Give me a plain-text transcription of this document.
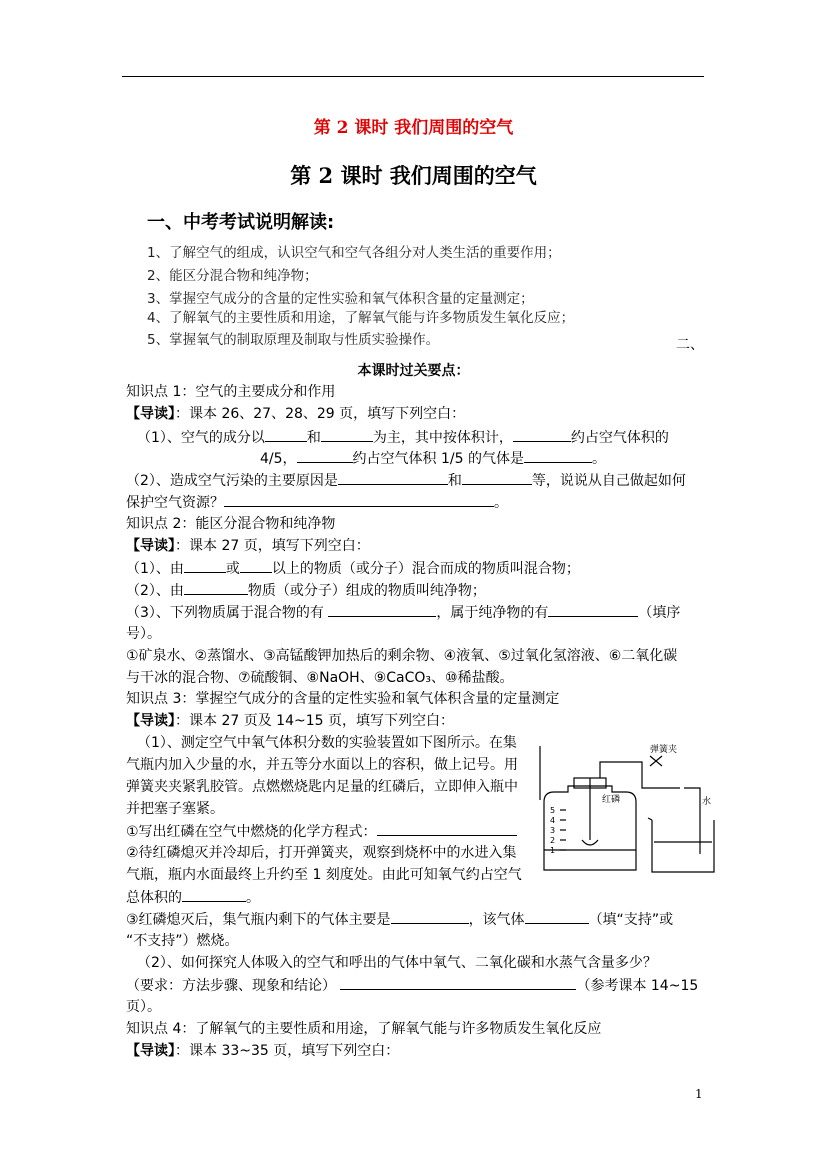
第 2 课时 我们周围的空气
第 2 课时 我们周围的空气
一、中考考试说明解读:
1、了解空气的组成，认识空气和空气各组分对人类生活的重要作用；
2、能区分混合物和纯净物；
3、掌握空气成分的含量的定性实验和氧气体积含量的定量测定；
4、了解氧气的主要性质和用途，了解氧气能与许多物质发生氧化反应；
5、掌握氧气的制取原理及制取与性质实验操作。	二、
本课时过关要点：
知识点 1：空气的主要成分和作用
【导读】：课本 26、27、28、29 页，填写下列空白：
（1）、空气的成分以	和	为主，其中按体积计，	约占空气体积的
4/5，	约占空气体积 1/5 的气体是	。
（2）、造成空气污染的主要原因是	和	等，说说从自己做起如何
保护空气资源？	。
知识点 2：能区分混合物和纯净物
【导读】：课本 27 页，填写下列空白：
（1）、由	或 以上的物质（或分子）混合而成的物质叫混合物；
（2）、由	物质（或分子）组成的物质叫纯净物；
（3）、下列物质属于混合物的有	，属于纯净物的有	（填序
号）。
①矿泉水、②蒸馏水、③高锰酸钾加热后的剩余物、④液氧、⑤过氧化氢溶液、⑥二氧化碳
与干冰的混合物、⑦硫酸铜、⑧NaOH、⑨CaCO₃、⑩稀盐酸。
知识点 3：掌握空气成分的含量的定性实验和氧气体积含量的定量测定
【导读】：课本 27 页及 14~15 页，填写下列空白：
（1）、测定空气中氧气体积分数的实验装置如下图所示。在集
气瓶内加入少量的水，并五等分水面以上的容积，做上记号。用
弹簧夹夹紧乳胶管。点燃燃烧匙内足量的红磷后，立即伸入瓶中
并把塞子塞紧。
①写出红磷在空气中燃烧的化学方程式：
②待红磷熄灭并冷却后，打开弹簧夹，观察到烧杯中的水进入集
气瓶，瓶内水面最终上升约至 1 刻度处。由此可知氧气约占空气
总体积的	。
③红磷熄灭后，集气瓶内剩下的气体主要是	，该气体	（填“支持”或
“不支持”）燃烧。
（2）、如何探究人体吸入的空气和呼出的气体中氧气、二氧化碳和水蒸气含量多少？
（要求：方法步骤、现象和结论）	（参考课本 14~15
页）。
知识点 4：了解氧气的主要性质和用途，了解氧气能与许多物质发生氧化反应
【导读】：课本 33~35 页，填写下列空白：
5
4
3
2
1
弹簧夹
红磷	水
1
